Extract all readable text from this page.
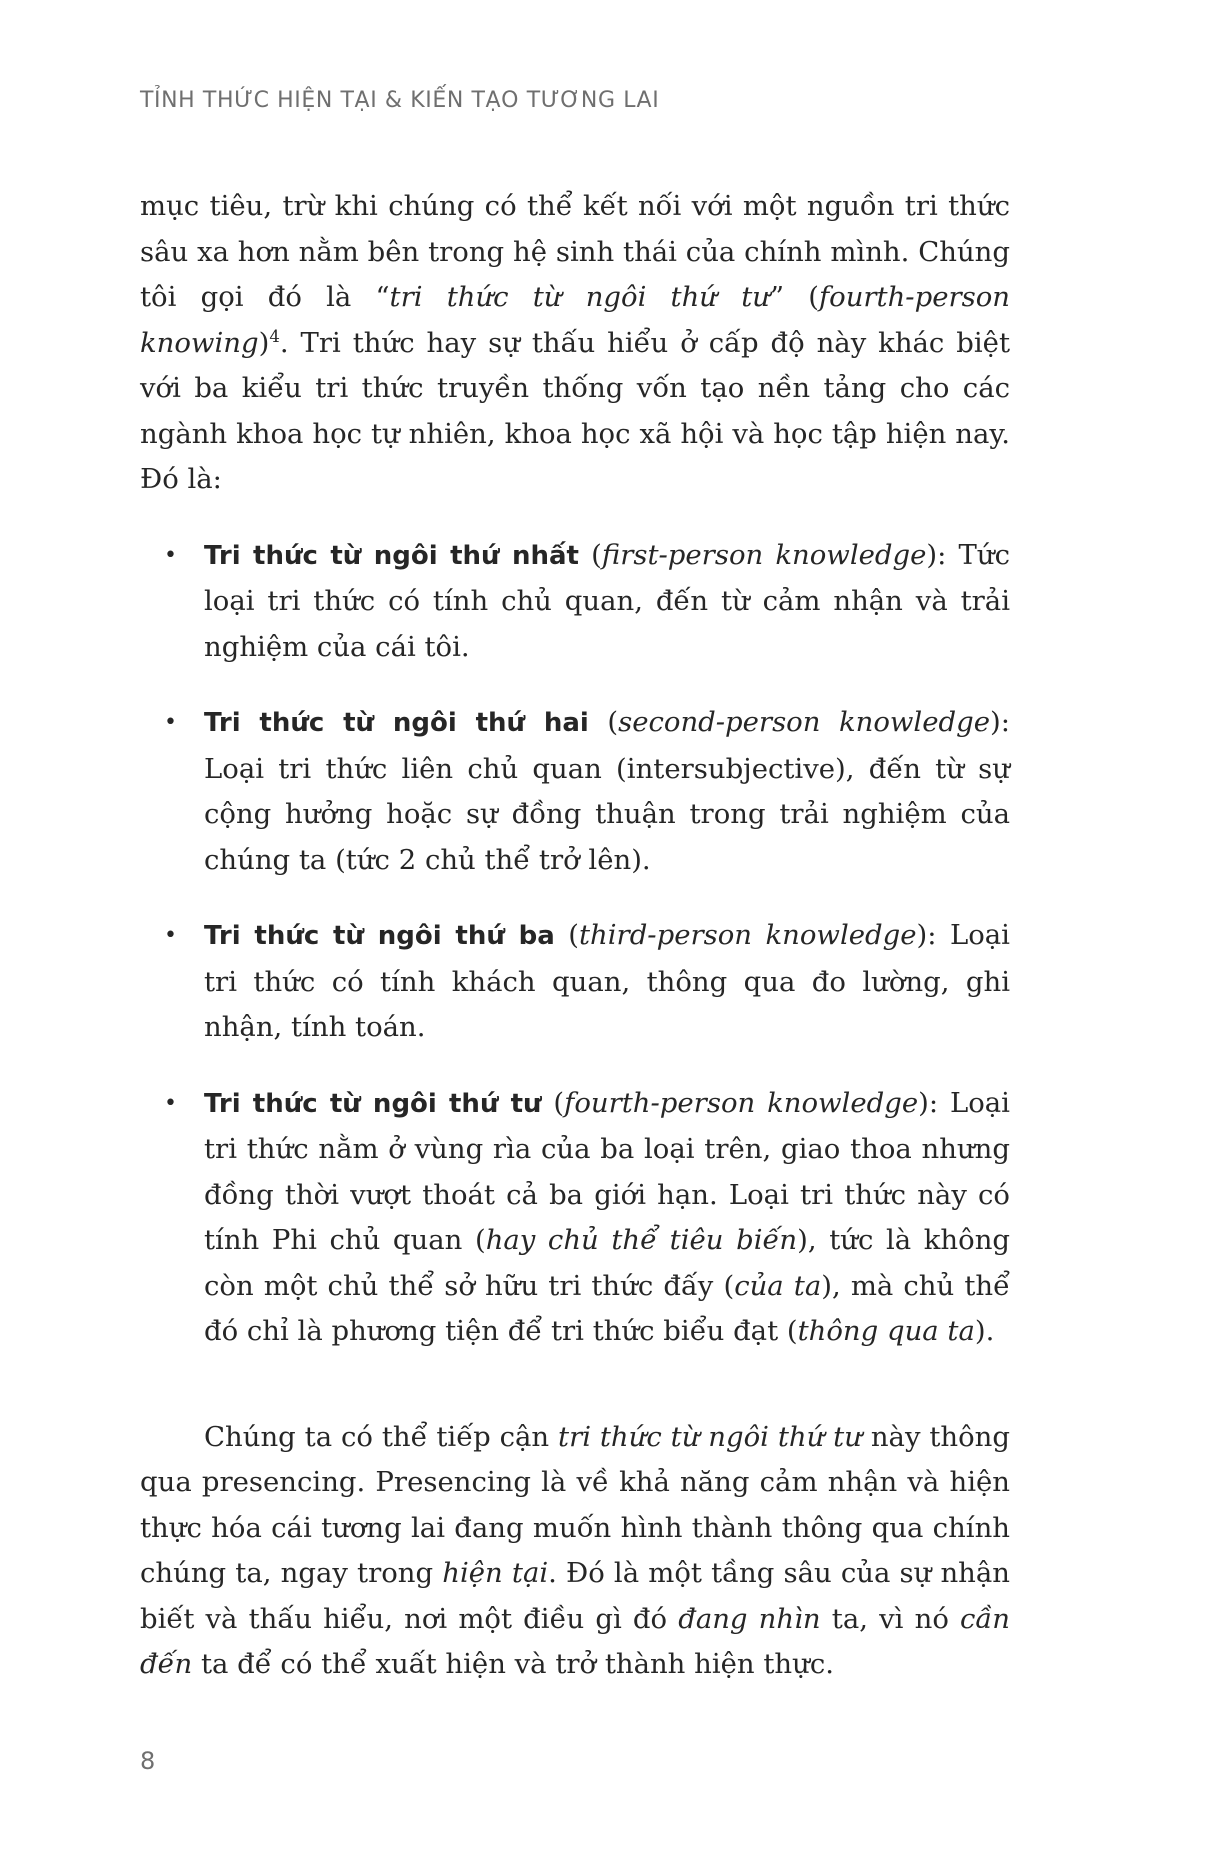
TỈNH THỨC HIỆN TẠI & KIẾN TẠO TƯƠNG LAI

mục tiêu, trừ khi chúng có thể kết nối với một nguồn tri thức sâu xa hơn nằm bên trong hệ sinh thái của chính mình. Chúng tôi gọi đó là “tri thức từ ngôi thứ tư” (fourth-person knowing)$^4$. Tri thức hay sự thấu hiểu ở cấp độ này khác biệt với ba kiểu tri thức truyền thống vốn tạo nền tảng cho các ngành khoa học tự nhiên, khoa học xã hội và học tập hiện nay. Đó là:

• Tri thức từ ngôi thứ nhất (first-person knowledge): Tức loại tri thức có tính chủ quan, đến từ cảm nhận và trải nghiệm của cái tôi.
• Tri thức từ ngôi thứ hai (second-person knowledge): Loại tri thức liên chủ quan (intersubjective), đến từ sự cộng hưởng hoặc sự đồng thuận trong trải nghiệm của chúng ta (tức 2 chủ thể trở lên).
• Tri thức từ ngôi thứ ba (third-person knowledge): Loại tri thức có tính khách quan, thông qua đo lường, ghi nhận, tính toán.
• Tri thức từ ngôi thứ tư (fourth-person knowledge): Loại tri thức nằm ở vùng rìa của ba loại trên, giao thoa nhưng đồng thời vượt thoát cả ba giới hạn. Loại tri thức này có tính Phi chủ quan (hay chủ thể tiêu biến), tức là không còn một chủ thể sở hữu tri thức đấy (của ta), mà chủ thể đó chỉ là phương tiện để tri thức biểu đạt (thông qua ta).

Chúng ta có thể tiếp cận tri thức từ ngôi thứ tư này thông qua presencing. Presencing là về khả năng cảm nhận và hiện thực hóa cái tương lai đang muốn hình thành thông qua chính chúng ta, ngay trong hiện tại. Đó là một tầng sâu của sự nhận biết và thấu hiểu, nơi một điều gì đó đang nhìn ta, vì nó cần đến ta để có thể xuất hiện và trở thành hiện thực.

8
